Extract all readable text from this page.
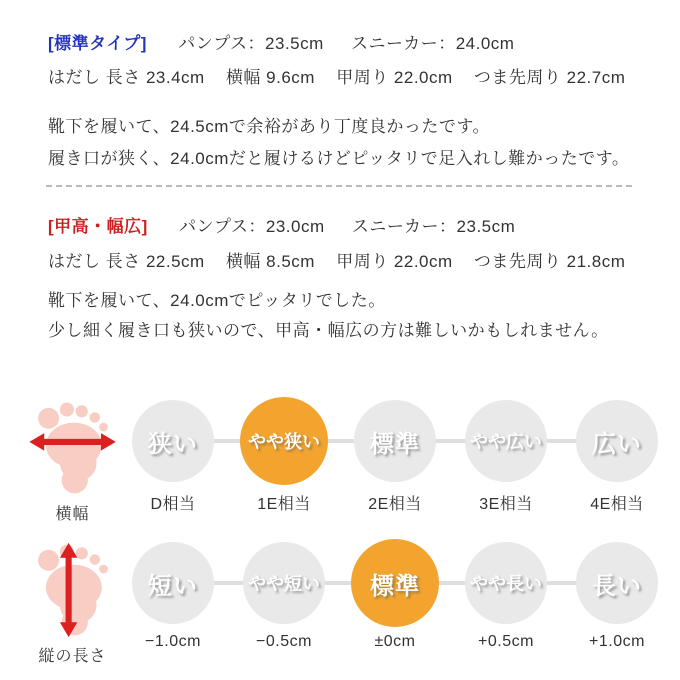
[標準タイプ] パンプス：23.5cm スニーカー：24.0cm
はだし 長さ 23.4cm 横幅 9.6cm 甲周り 22.0cm つま先周り 22.7cm
靴下を履いて、24.5cmで余裕があり丁度良かったです。
履き口が狭く、24.0cmだと履けるけどピッタリで足入れし難かったです。
[甲高・幅広] パンプス：23.0cm スニーカー：23.5cm
はだし 長さ 22.5cm 横幅 8.5cm 甲周り 22.0cm つま先周り 21.8cm
靴下を履いて、24.0cmでピッタリでした。
少し細く履き口も狭いので、甲高・幅広の方は難しいかもしれません。
横幅
狭い
D相当
やや狭い
1E相当
標準
2E相当
やや広い
3E相当
広い
4E相当
縦の長さ
短い
−1.0cm
やや短い
−0.5cm
標準
±0cm
やや長い
+0.5cm
長い
+1.0cm
